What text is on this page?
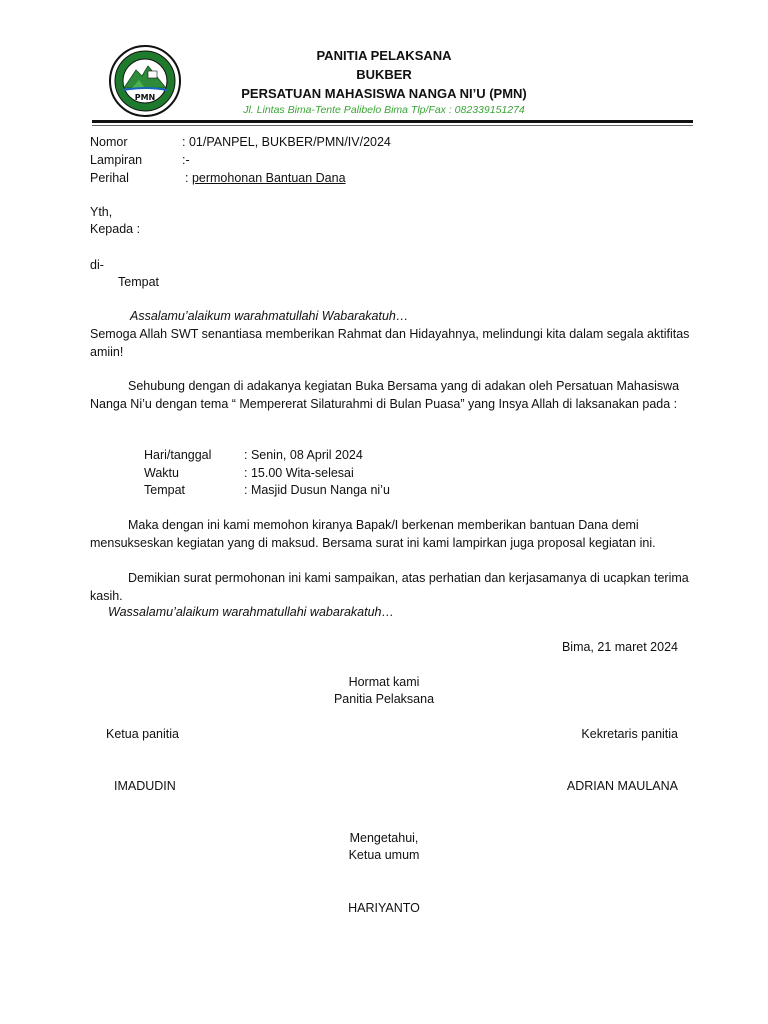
PMN
PANITIA PELAKSANA
BUKBER
PERSATUAN MAHASISWA NANGA NI’U (PMN)
Jl. Lintas Bima-Tente Palibelo Bima Tlp/Fax : 082339151274
Nomor	: 01/PANPEL, BUKBER/PMN/IV/2024
Lampiran	:-
Perihal	: permohonan Bantuan Dana
Yth,
Kepada :
di-
Tempat
Assalamu’alaikum warahmatullahi Wabarakatuh…
Semoga Allah SWT senantiasa memberikan Rahmat dan Hidayahnya, melindungi kita dalam segala aktifitas amiin!
Sehubung dengan di adakanya kegiatan Buka Bersama yang di adakan oleh Persatuan Mahasiswa Nanga Ni’u dengan tema “ Mempererat Silaturahmi di Bulan Puasa” yang Insya Allah di laksanakan pada :
Hari/tanggal	: Senin, 08 April 2024
Waktu	: 15.00 Wita-selesai
Tempat	: Masjid Dusun Nanga ni’u
Maka dengan ini kami memohon kiranya Bapak/I berkenan memberikan bantuan Dana demi mensukseskan kegiatan yang di maksud. Bersama surat ini kami lampirkan juga proposal kegiatan ini.
Demikian surat permohonan ini kami sampaikan, atas perhatian dan kerjasamanya di ucapkan terima kasih.
Wassalamu’alaikum warahmatullahi wabarakatuh…
Bima, 21 maret 2024
Hormat kami
Panitia Pelaksana
Ketua panitia	Kekretaris panitia
IMADUDIN	ADRIAN MAULANA
Mengetahui,
Ketua umum
HARIYANTO
